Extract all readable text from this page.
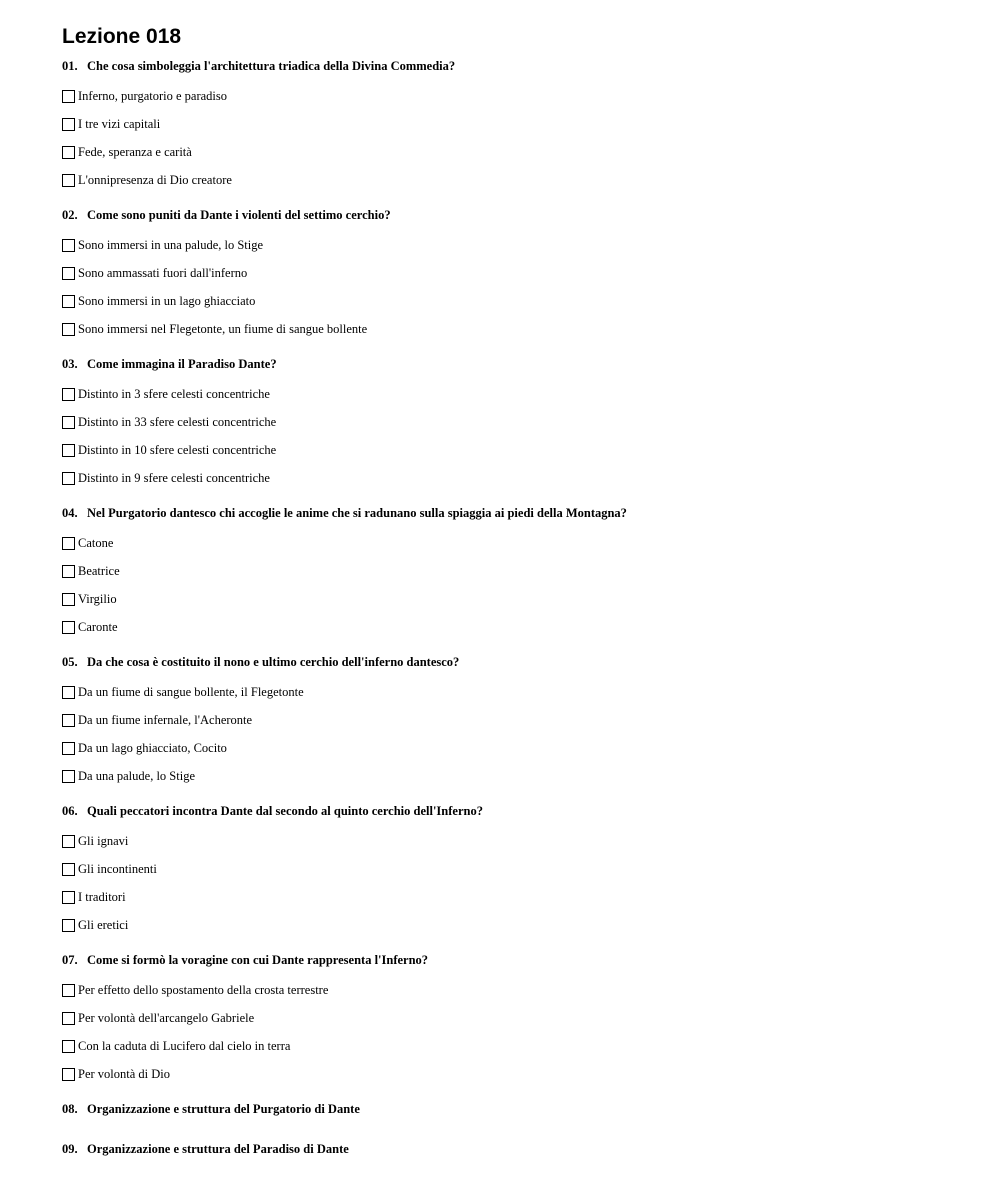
Lezione 018
01. Che cosa simboleggia l'architettura triadica della Divina Commedia?
Inferno, purgatorio e paradiso
I tre vizi capitali
Fede, speranza e carità
L'onnipresenza di Dio creatore
02. Come sono puniti da Dante i violenti del settimo cerchio?
Sono immersi in una palude, lo Stige
Sono ammassati fuori dall'inferno
Sono immersi in un lago ghiacciato
Sono immersi nel Flegetonte, un fiume di sangue bollente
03. Come immagina il Paradiso Dante?
Distinto in 3 sfere celesti concentriche
Distinto in 33 sfere celesti concentriche
Distinto in 10 sfere celesti concentriche
Distinto in 9 sfere celesti concentriche
04. Nel Purgatorio dantesco chi accoglie le anime che si radunano sulla spiaggia ai piedi della Montagna?
Catone
Beatrice
Virgilio
Caronte
05. Da che cosa è costituito il nono e ultimo cerchio dell'inferno dantesco?
Da un fiume di sangue bollente, il Flegetonte
Da un fiume infernale, l'Acheronte
Da un lago ghiacciato, Cocito
Da una palude, lo Stige
06. Quali peccatori incontra Dante dal secondo al quinto cerchio dell'Inferno?
Gli ignavi
Gli incontinenti
I traditori
Gli eretici
07. Come si formò la voragine con cui Dante rappresenta l'Inferno?
Per effetto dello spostamento della crosta terrestre
Per volontà dell'arcangelo Gabriele
Con la caduta di Lucifero dal cielo in terra
Per volontà di Dio
08. Organizzazione e struttura del Purgatorio di Dante
09. Organizzazione e struttura del Paradiso di Dante
